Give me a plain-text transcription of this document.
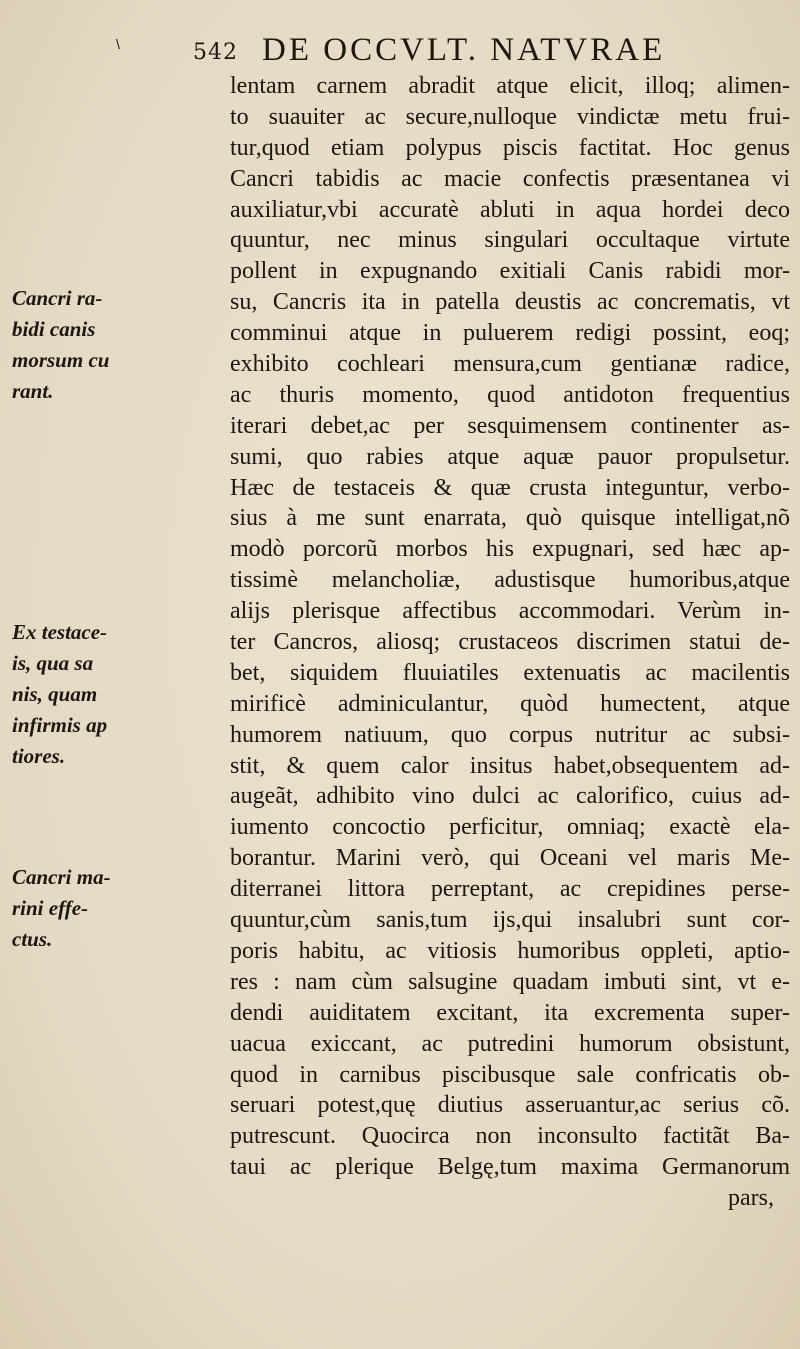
\	542 DE OCCVLT. NATVRAE
Cancri ra-
bidi canis
morsum cu
rant.
Ex testace-
is, qua sa
nis, quam
infirmis ap
tiores.
Cancri ma-
rini effe-
ctus.
lentam carnem abradit atque elicit, illoq; alimen-
to suauiter ac secure,nulloque vindictæ metu frui-
tur,quod etiam polypus piscis factitat. Hoc genus
Cancri tabidis ac macie confectis præsentanea vi
auxiliatur,vbi accuratè abluti in aqua hordei deco
quuntur, nec minus singulari occultaque virtute
pollent in expugnando exitiali Canis rabidi mor-
su, Cancris ita in patella deustis ac concrematis, vt
comminui atque in puluerem redigi possint, eoq;
exhibito cochleari mensura,cum gentianæ radice,
ac thuris momento, quod antidoton frequentius
iterari debet,ac per sesquimensem continenter as-
sumi, quo rabies atque aquæ pauor propulsetur.
Hæc de testaceis & quæ crusta integuntur, verbo-
sius à me sunt enarrata, quò quisque intelligat,nõ
modò porcorũ morbos his expugnari, sed hæc ap-
tissimè melancholiæ, adustisque humoribus,atque
alijs plerisque affectibus accommodari. Verùm in-
ter Cancros, aliosq; crustaceos discrimen statui de-
bet, siquidem fluuiatiles extenuatis ac macilentis
mirificè adminiculantur, quòd humectent, atque
humorem natiuum, quo corpus nutritur ac subsi-
stit, & quem calor insitus habet,obsequentem ad-
augeãt, adhibito vino dulci ac calorifico, cuius ad-
iumento concoctio perficitur, omniaq; exactè ela-
borantur. Marini verò, qui Oceani vel maris Me-
diterranei littora perreptant, ac crepidines perse-
quuntur,cùm sanis,tum ijs,qui insalubri sunt cor-
poris habitu, ac vitiosis humoribus oppleti, aptio-
res : nam cùm salsugine quadam imbuti sint, vt e-
dendi auiditatem excitant, ita excrementa super-
uacua exiccant, ac putredini humorum obsistunt,
quod in carnibus piscibusque sale confricatis ob-
seruari potest,quę diutius asseruantur,ac serius cõ.
putrescunt. Quocirca non inconsulto factitãt Ba-
taui ac plerique Belgę,tum maxima Germanorum
pars,
